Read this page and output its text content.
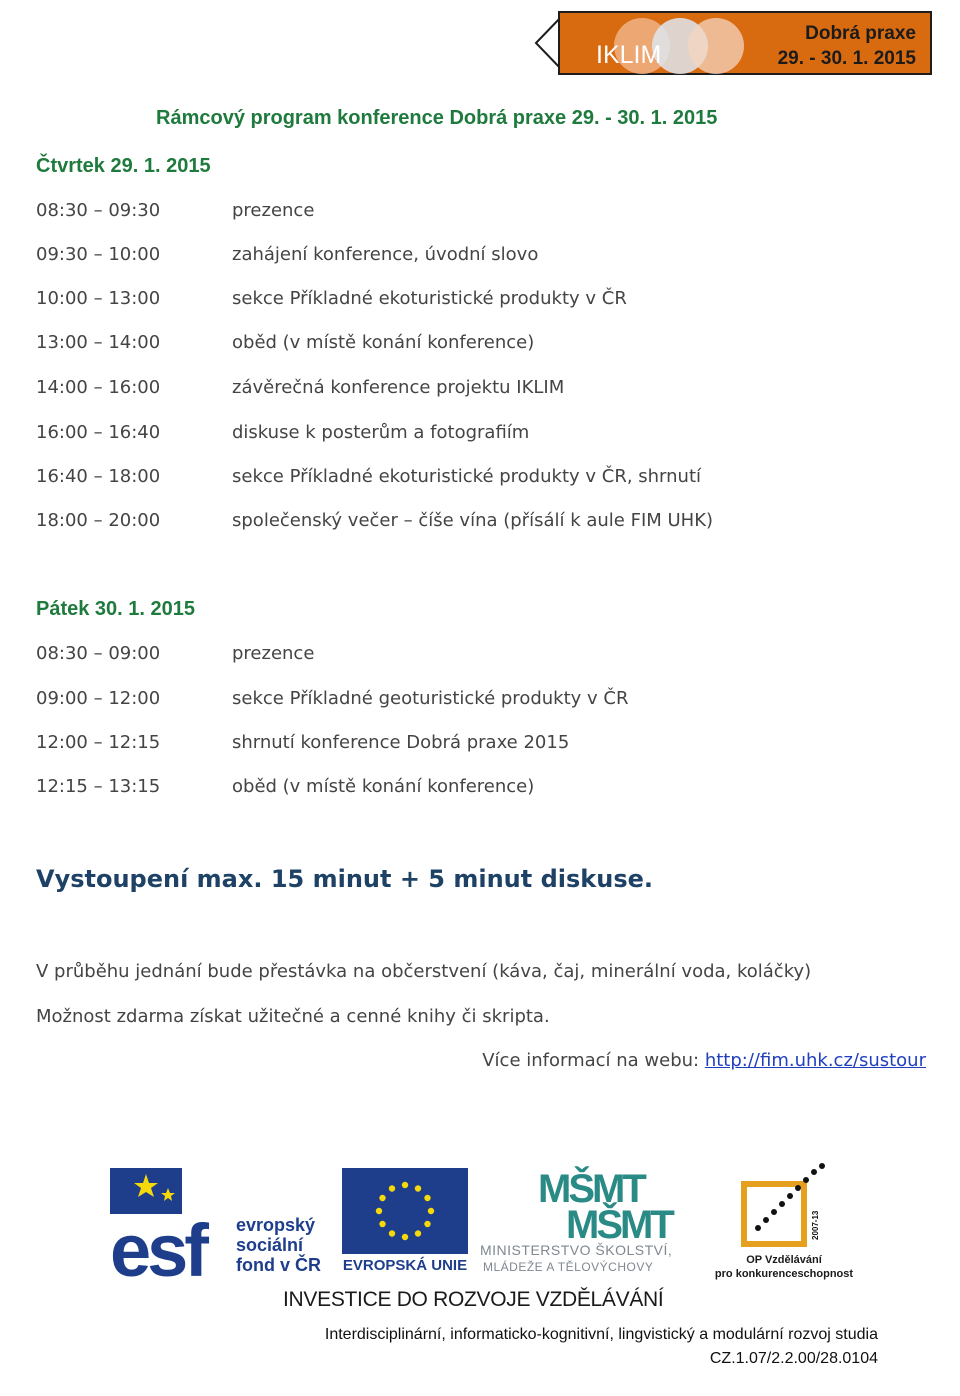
IKLIM
Dobrá praxe
29. - 30. 1. 2015
Rámcový program konference Dobrá praxe 29. - 30. 1. 2015
Čtvrtek 29. 1. 2015
08:30 – 09:30	prezence
09:30 – 10:00	zahájení konference, úvodní slovo
10:00 – 13:00	sekce Příkladné ekoturistické produkty v ČR
13:00 – 14:00	oběd (v místě konání konference)
14:00 – 16:00	závěrečná konference projektu IKLIM
16:00 – 16:40	diskuse k posterům a fotografiím
16:40 – 18:00	sekce Příkladné ekoturistické produkty v ČR, shrnutí
18:00 – 20:00	společenský večer – číše vína (přísálí k aule FIM UHK)
Pátek 30. 1. 2015
08:30 – 09:00	prezence
09:00 – 12:00	sekce Příkladné geoturistické produkty v ČR
12:00 – 12:15	shrnutí konference Dobrá praxe 2015
12:15 – 13:15	oběd (v místě konání konference)
Vystoupení max. 15 minut + 5 minut diskuse.
V průběhu jednání bude přestávka na občerstvení (káva, čaj, minerální voda, koláčky)
Možnost zdarma získat užitečné a cenné knihy či skripta.
Více informací na webu: http://fim.uhk.cz/sustour
esf evropský
sociální
fond v ČR EVROPSKÁ UNIE
MŠMT
MŠMT
MINISTERSTVO ŠKOLSTVÍ,
MLÁDEŽE A TĚLOVÝCHOVY
2007-13
OP Vzdělávání
pro konkurenceschopnost
INVESTICE DO ROZVOJE VZDĚLÁVÁNÍ
Interdisciplinární, informaticko-kognitivní, lingvistický a modulární rozvoj studia
CZ.1.07/2.2.00/28.0104
